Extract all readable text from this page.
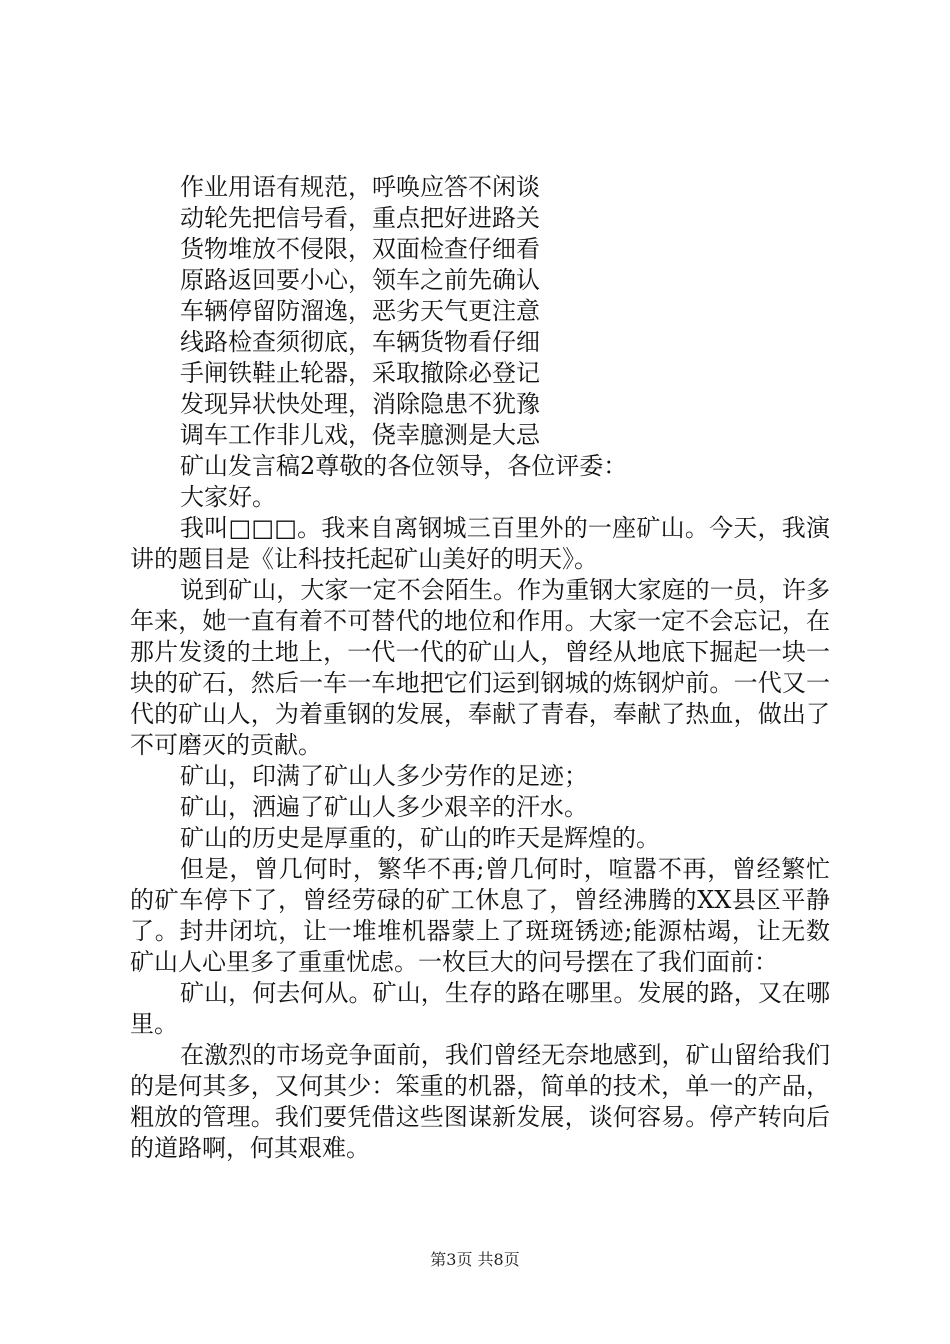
作业用语有规范，呼唤应答不闲谈
动轮先把信号看，重点把好进路关
货物堆放不侵限，双面检查仔细看
原路返回要小心，领车之前先确认
车辆停留防溜逸，恶劣天气更注意
线路检查须彻底，车辆货物看仔细
手闸铁鞋止轮器，采取撤除必登记
发现异状快处理，消除隐患不犹豫
调车工作非儿戏，侥幸臆测是大忌
矿山发言稿2尊敬的各位领导，各位评委：
大家好。

我叫□□□。我来自离钢城三百里外的一座矿山。今天，我演讲的题目是《让科技托起矿山美好的明天》。

说到矿山，大家一定不会陌生。作为重钢大家庭的一员，许多年来，她一直有着不可替代的地位和作用。大家一定不会忘记，在那片发烫的土地上，一代一代的矿山人，曾经从地底下掘起一块一块的矿石，然后一车一车地把它们运到钢城的炼钢炉前。一代又一代的矿山人，为着重钢的发展，奉献了青春，奉献了热血，做出了不可磨灭的贡献。

矿山，印满了矿山人多少劳作的足迹；

矿山，洒遍了矿山人多少艰辛的汗水。

矿山的历史是厚重的，矿山的昨天是辉煌的。

但是，曾几何时，繁华不再;曾几何时，喧嚣不再，曾经繁忙的矿车停下了，曾经劳碌的矿工休息了，曾经沸腾的XX县区平静了。封井闭坑，让一堆堆机器蒙上了斑斑锈迹;能源枯竭，让无数矿山人心里多了重重忧虑。一枚巨大的问号摆在了我们面前：

矿山，何去何从。矿山，生存的路在哪里。发展的路，又在哪里。

在激烈的市场竞争面前，我们曾经无奈地感到，矿山留给我们的是何其多，又何其少：笨重的机器，简单的技术，单一的产品，粗放的管理。我们要凭借这些图谋新发展，谈何容易。停产转向后的道路啊，何其艰难。

第3页 共8页
